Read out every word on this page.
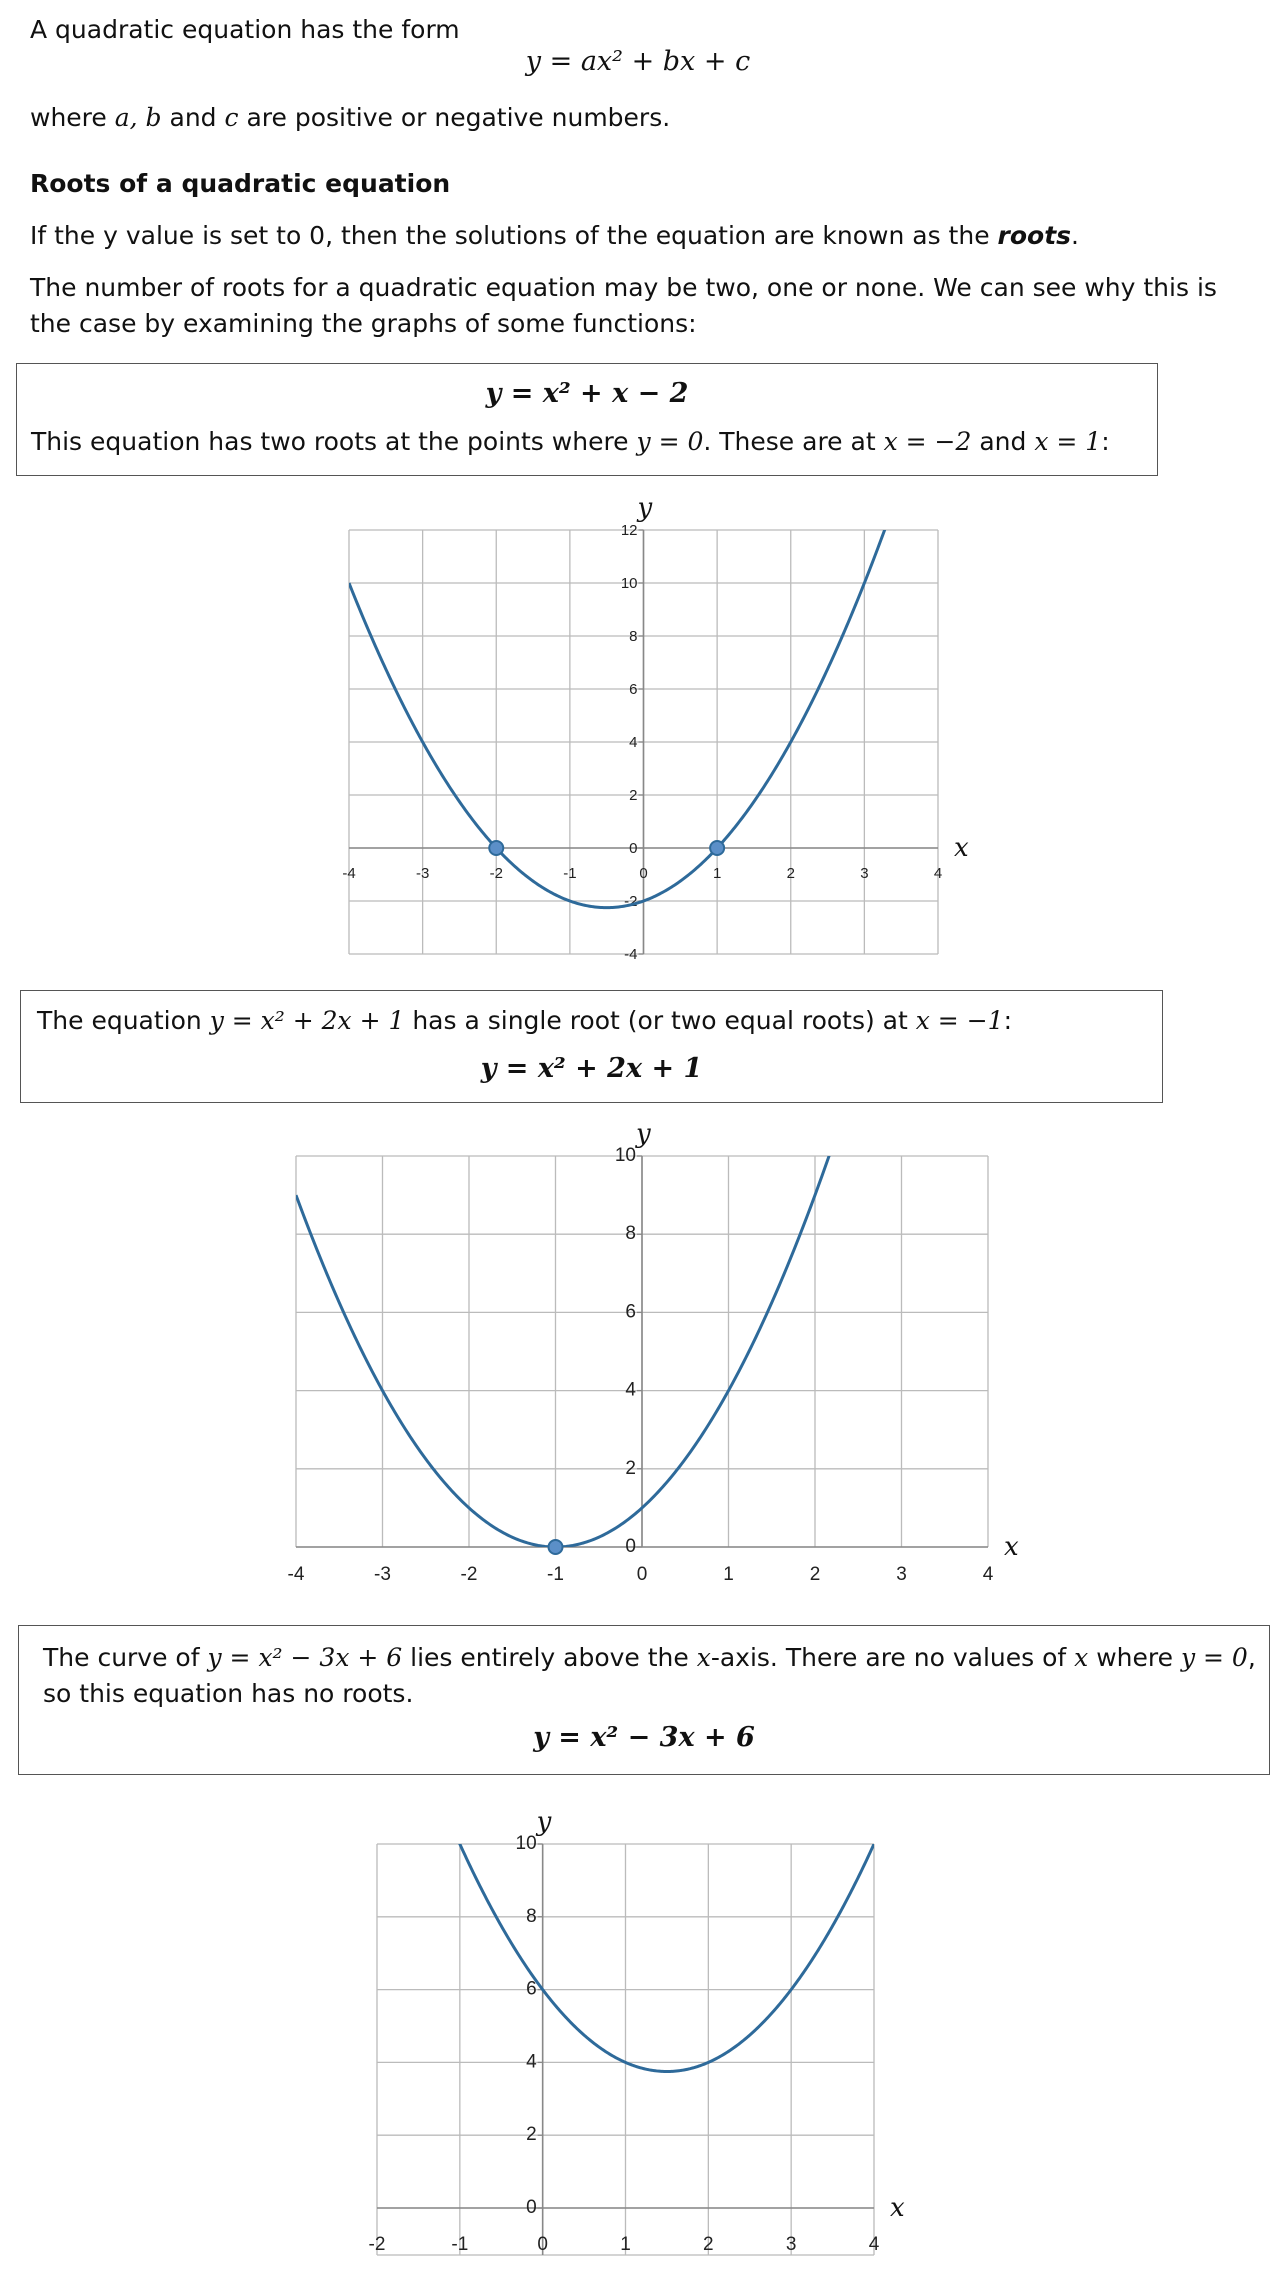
A quadratic equation has the form

y = ax² + bx + c

where a, b and c are positive or negative numbers.

Roots of a quadratic equation

If the y value is set to 0, then the solutions of the equation are known as the roots.

The number of roots for a quadratic equation may be two, one or none. We can see why this is the case by examining the graphs of some functions:

y = x² + x − 2
This equation has two roots at the points where y = 0. These are at x = −2 and x = 1:
-4
-2
0
2
4
6
8
10
12
-4	-3	-2	-1	0	1	2	3	4
x
y
The equation y = x² + 2x + 1 has a single root (or two equal roots) at x = −1:
y = x² + 2x + 1
0
2
4
6
8
10
-4	-3	-2	-1	0	1	2	3	4
x
y
The curve of y = x² − 3x + 6 lies entirely above the x-axis. There are no values of x where y = 0,
so this equation has no roots.
y = x² − 3x + 6
0
2
4
6
8
10
-2	-1	0	1	2	3	4
x
y
